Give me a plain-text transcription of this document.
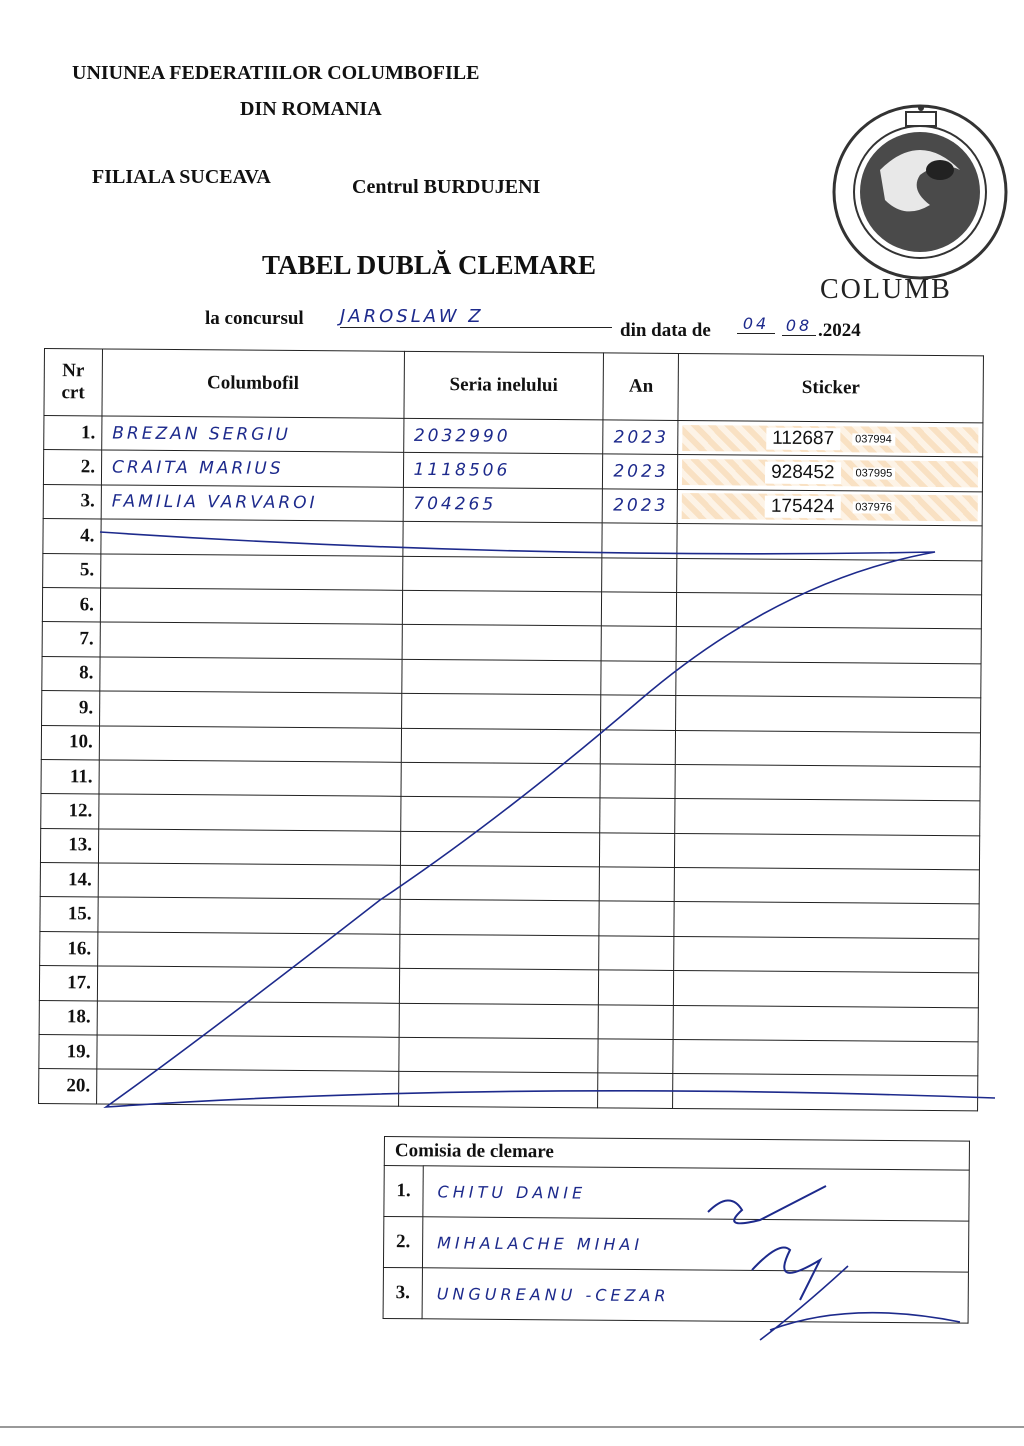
UNIUNEA FEDERATIILOR COLUMBOFILE
DIN ROMANIA
FILIALA SUCEAVA	Centrul BURDUJENI
TABEL DUBLĂ CLEMARE
la concursul JAROSLAW Z
din data de	04	08 .2024
COLUMB
Nr
crt	Columbofil	Seria inelului	An	Sticker
1.	BREZAN SERGIU	2032990	2023	112687 037994

2.	CRAITA MARIUS	1118506	2023	928452 037995

3.	FAMILIA VARVAROI	704265	2023	175424 037976

4.				
5.				
6.				
7.				
8.				
9.				
10.				
11.				
12.				
13.				
14.				
15.				
16.				
17.				
18.				
19.				
20.				
Comisia de clemare	
1.	CHITU DANIE
2.	MIHALACHE MIHAI
3.	UNGUREANU -CEZAR
